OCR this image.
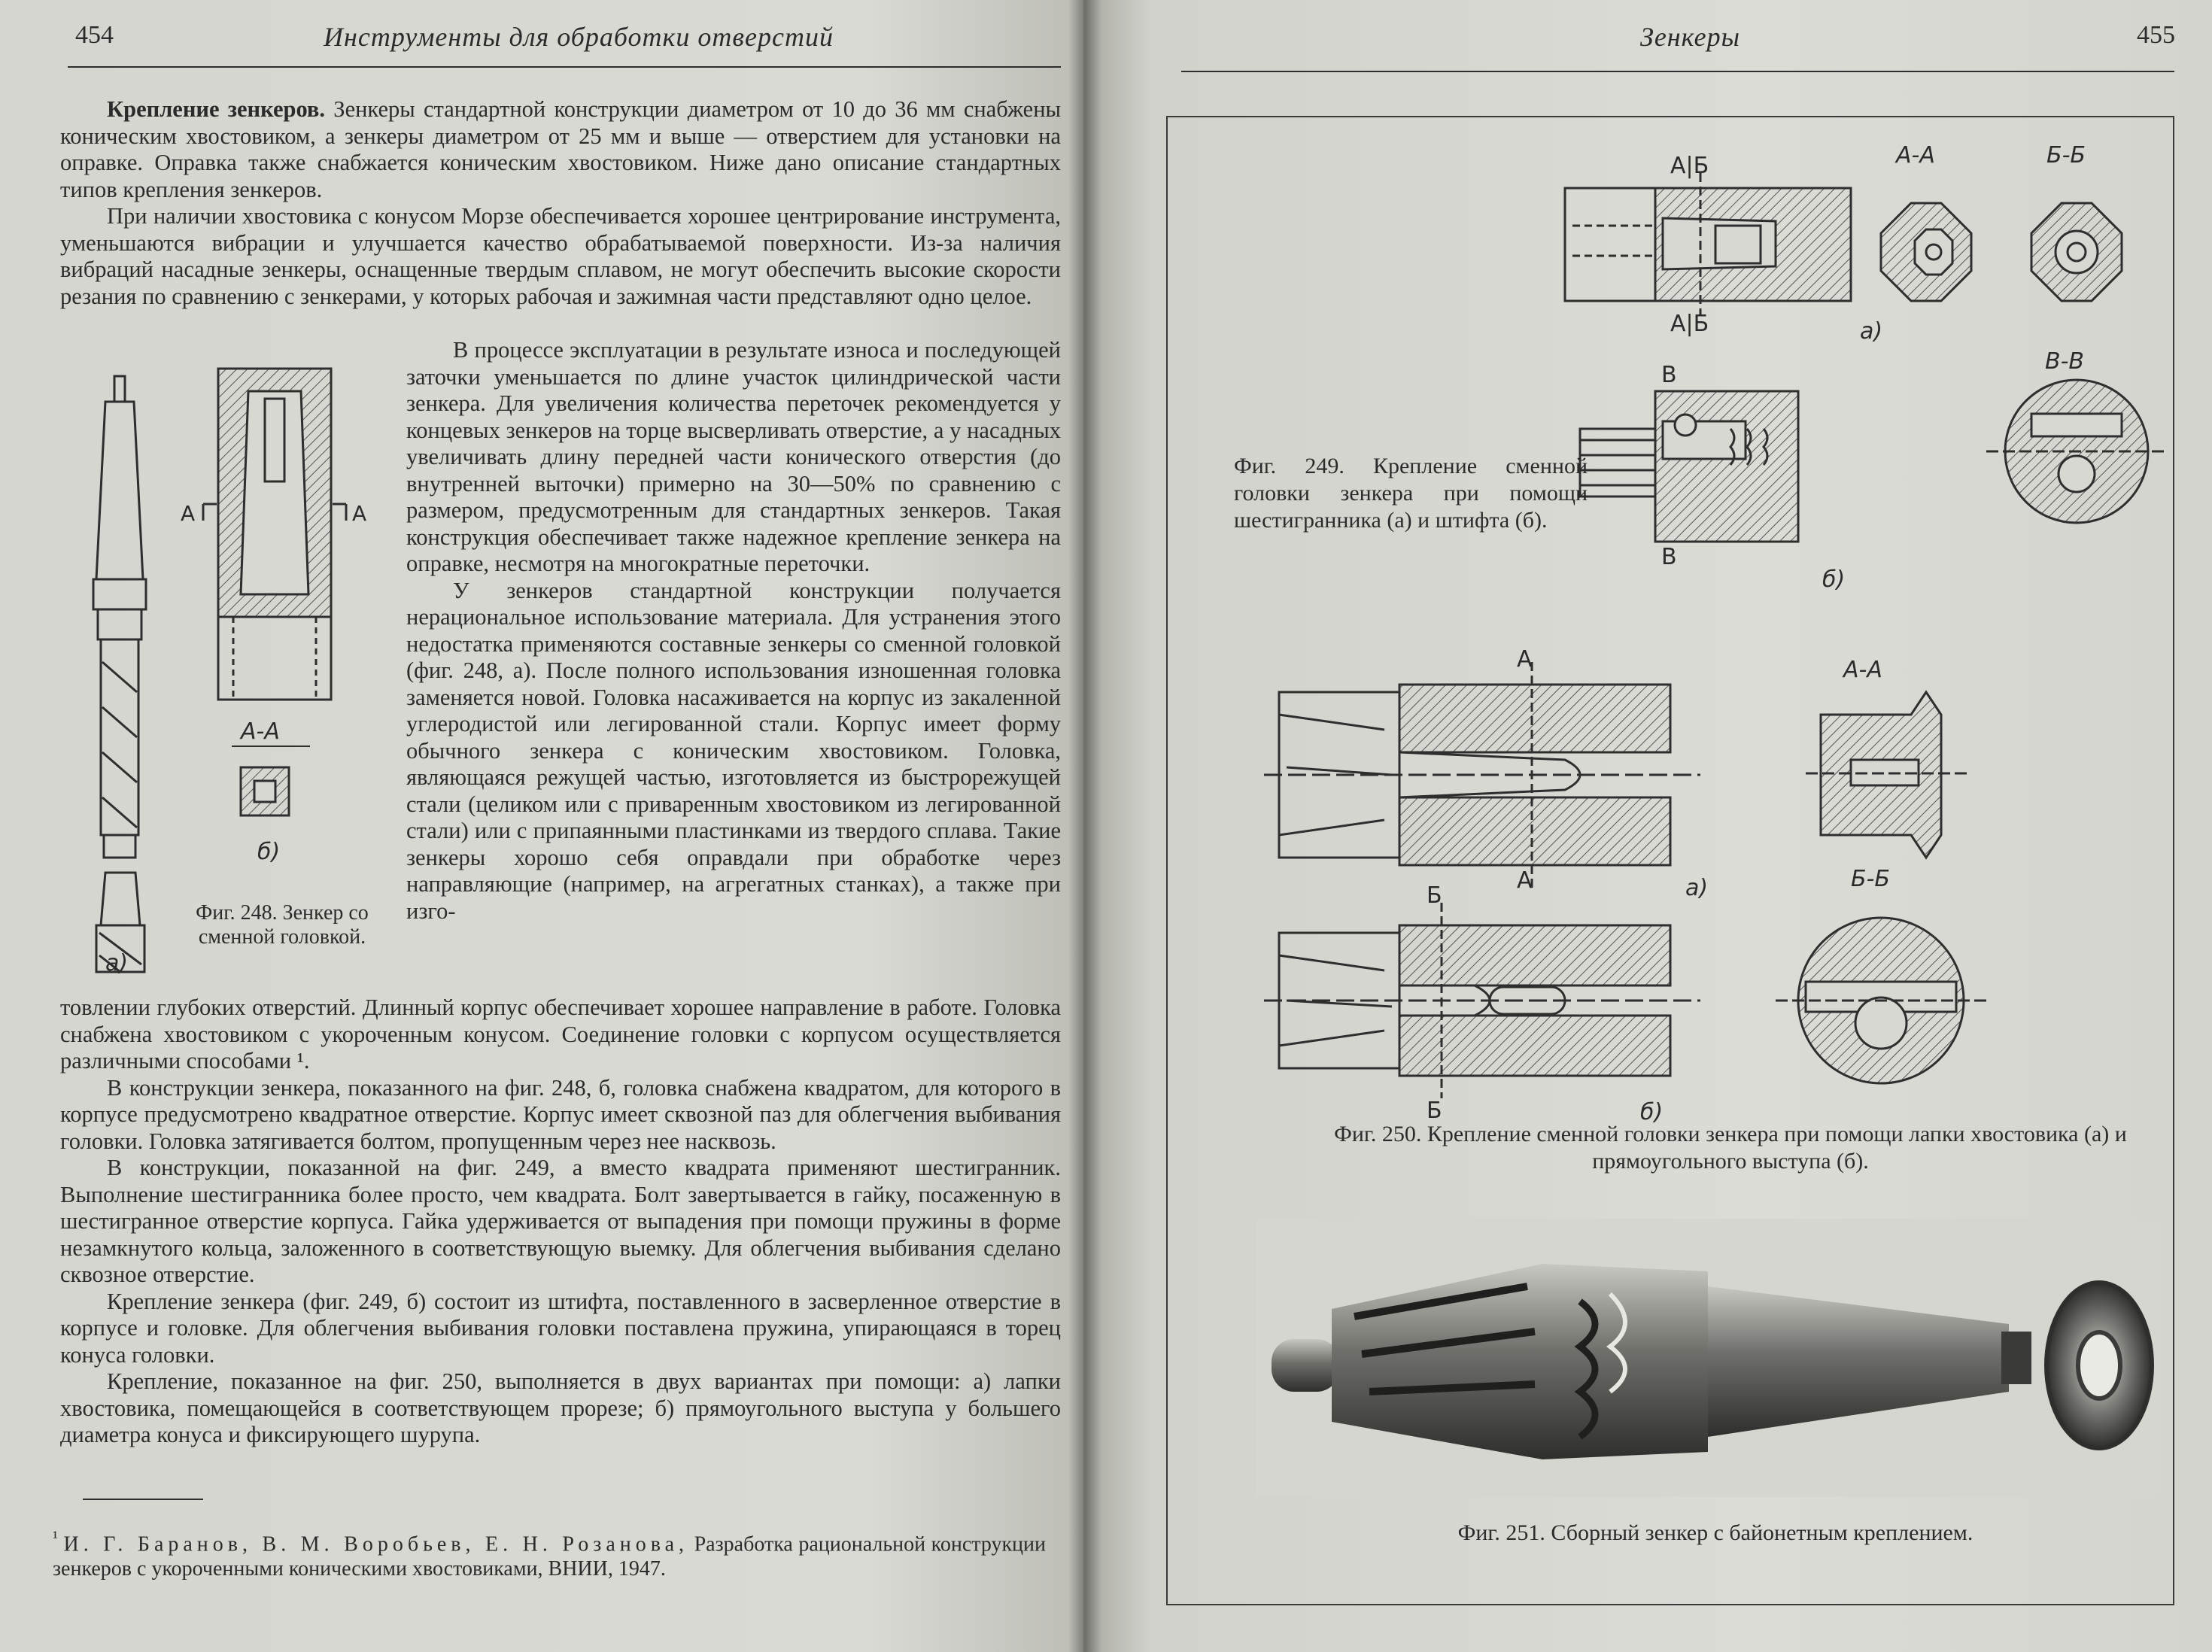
454	Инструменты для обработки отверстий

Крепление зенкеров. Зенкеры стандартной конструкции диаметром от 10 до 36 мм снабжены коническим хвостовиком, а зенкеры диаметром от 25 мм и выше — отверстием для установки на оправке. Оправка также снабжается коническим хвостовиком. Ниже дано описание стандартных типов крепления зенкеров.

При наличии хвостовика с конусом Морзе обеспечивается хорошее центрирование инструмента, уменьшаются вибрации и улучшается качество обрабатываемой поверхности. Из-за наличия вибраций насадные зенкеры, оснащенные твердым сплавом, не могут обеспечить высокие скорости резания по сравнению с зенкерами, у которых рабочая и зажимная части представляют одно целое.

В процессе эксплуатации в результате износа и последующей заточки уменьшается по длине участок цилиндрической части зенкера. Для увеличения количества переточек рекомендуется у концевых зенкеров на торце высверливать отверстие, а у насадных увеличивать длину передней части конического отверстия (до внутренней выточки) примерно на 30—50% по сравнению с размером, предусмотренным для стандартных зенкеров. Такая конструкция обеспечивает также надежное крепление зенкера на оправке, несмотря на многократные переточки.

У зенкеров стандартной конструкции получается нерациональное использование материала. Для устранения этого недостатка применяются составные зенкеры со сменной головкой (фиг. 248, а). После полного использования изношенная головка заменяется новой. Головка насаживается на корпус из закаленной углеродистой или легированной стали. Корпус имеет форму обычного зенкера с коническим хвостовиком. Головка, являющаяся режущей частью, изготовляется из быстрорежущей стали (целиком или с приваренным хвостовиком из легированной стали) или с припаянными пластинками из твердого сплава. Такие зенкеры хорошо себя оправдали при обработке через направляющие (например, на агрегатных станках), а также при изго-

а)
А	А
А-А
б)
Фиг. 248. Зенкер со сменной головкой.

товлении глубоких отверстий. Длинный корпус обеспечивает хорошее направление в работе. Головка снабжена хвостовиком с укороченным конусом. Соединение головки с корпусом осуществляется различными способами ¹.

В конструкции зенкера, показанного на фиг. 248, б, головка снабжена квадратом, для которого в корпусе предусмотрено квадратное отверстие. Корпус имеет сквозной паз для облегчения выбивания головки. Головка затягивается болтом, пропущенным через нее насквозь.

В конструкции, показанной на фиг. 249, а вместо квадрата применяют шестигранник. Выполнение шестигранника более просто, чем квадрата. Болт завертывается в гайку, посаженную в шестигранное отверстие корпуса. Гайка удерживается от выпадения при помощи пружины в форме незамкнутого кольца, заложенного в соответствующую выемку. Для облегчения выбивания сделано сквозное отверстие.

Крепление зенкера (фиг. 249, б) состоит из штифта, поставленного в засверленное отверстие в корпусе и головке. Для облегчения выбивания головки поставлена пружина, упирающаяся в торец конуса головки.

Крепление, показанное на фиг. 250, выполняется в двух вариантах при помощи: а) лапки хвостовика, помещающейся в соответствующем прорезе; б) прямоугольного выступа у большего диаметра конуса и фиксирующего шурупа.

$^{^1}$ И. Г. Баранов, В. М. Воробьев, Е. Н. Розанова, Разработка рациональной конструкции зенкеров с укороченными коническими хвостовиками, ВНИИ, 1947.
Зенкеры	455
А|Б
А|Б	а)
А-А	Б-Б
В
В
б)
В-В
Фиг. 249. Крепление сменной головки зенкера при помощи шестигранника (а) и штифта (б).
А
А	а)
А-А
Б
Б	б)
Б-Б
Фиг. 250. Крепление сменной головки зенкера при помощи лапки хвостовика (а) и прямоугольного выступа (б).
Фиг. 251. Сборный зенкер с байонетным креплением.
